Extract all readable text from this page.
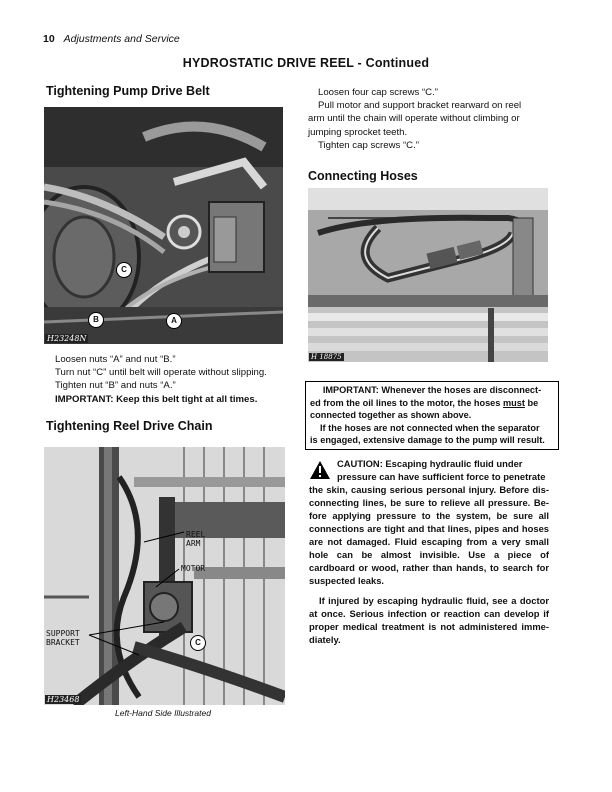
10 Adjustments and Service
HYDROSTATIC DRIVE REEL - Continued
Tightening Pump Drive Belt
C
B	A
H23248N
Loosen nuts “A” and nut “B.”
Turn nut “C” until belt will operate without slipping.
Tighten nut “B” and nuts “A.”
IMPORTANT: Keep this belt tight at all times.
Tightening Reel Drive Chain
REEL
ARM
MOTOR
SUPPORT
BRACKET	C
H23468
Left-Hand Side Illustrated
Loosen four cap screws “C.”
Pull motor and support bracket rearward on reel
arm until the chain will operate without climbing or
jumping sprocket teeth.
Tighten cap screws “C.”
Connecting Hoses
H 18875
IMPORTANT: Whenever the hoses are disconnect-
ed from the oil lines to the motor, the hoses must be
connected together as shown above.
If the hoses are not connected when the separator
is engaged, extensive damage to the pump will result.
CAUTION: Escaping hydraulic fluid under
pressure can have sufficient force to penetrate
the skin, causing serious personal injury. Before dis- connecting lines, be sure to relieve all pressure. Be- fore applying pressure to the system, be sure all connections are tight and that lines, pipes and hoses are not damaged. Fluid escaping from a very small hole can be almost invisible. Use a piece of cardboard or wood, rather than hands, to search for suspected leaks.
If injured by escaping hydraulic fluid, see a doctor at once. Serious infection or reaction can develop if proper medical treatment is not administered imme- diately.
